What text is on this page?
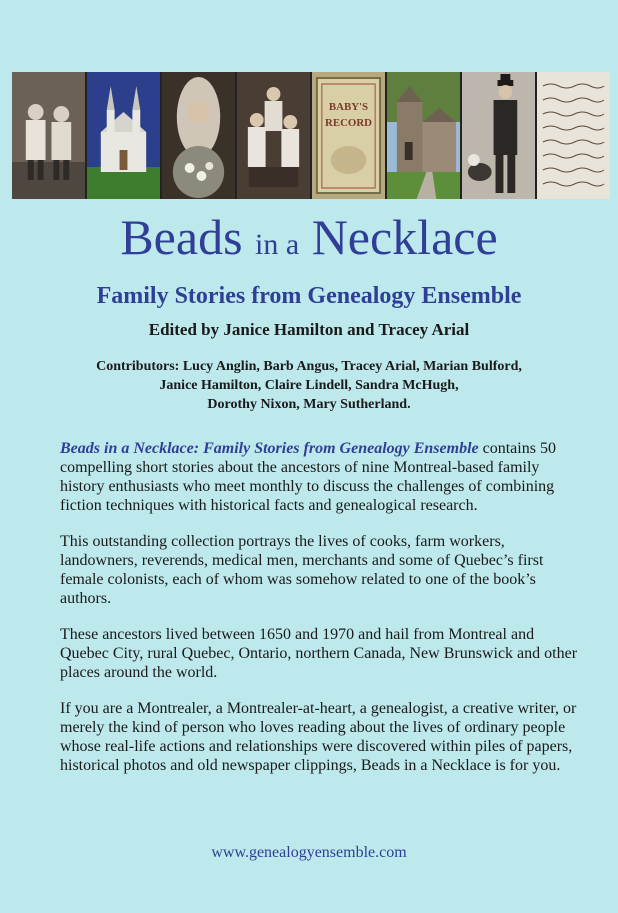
BABY'S
RECORD
Beads in a Necklace
Family Stories from Genealogy Ensemble
Edited by Janice Hamilton and Tracey Arial
Contributors: Lucy Anglin, Barb Angus, Tracey Arial, Marian Bulford,
Janice Hamilton, Claire Lindell, Sandra McHugh,
Dorothy Nixon, Mary Sutherland.

Beads in a Necklace: Family Stories from Genealogy Ensemble contains 50 compelling short stories about the ancestors of nine Montreal-based family history enthusiasts who meet monthly to discuss the challenges of combining fiction techniques with historical facts and genealogical research.

This outstanding collection portrays the lives of cooks, farm workers, landowners, reverends, medical men, merchants and some of Quebec’s first female colonists, each of whom was somehow related to one of the book’s authors.

These ancestors lived between 1650 and 1970 and hail from Montreal and Quebec City, rural Quebec, Ontario, northern Canada, New Brunswick and other places around the world.

If you are a Montrealer, a Montrealer-at-heart, a genealogist, a creative writer, or merely the kind of person who loves reading about the lives of ordinary people whose real-life actions and relationships were discovered within piles of papers, historical photos and old newspaper clippings, Beads in a Necklace is for you.

www.genealogyensemble.com
